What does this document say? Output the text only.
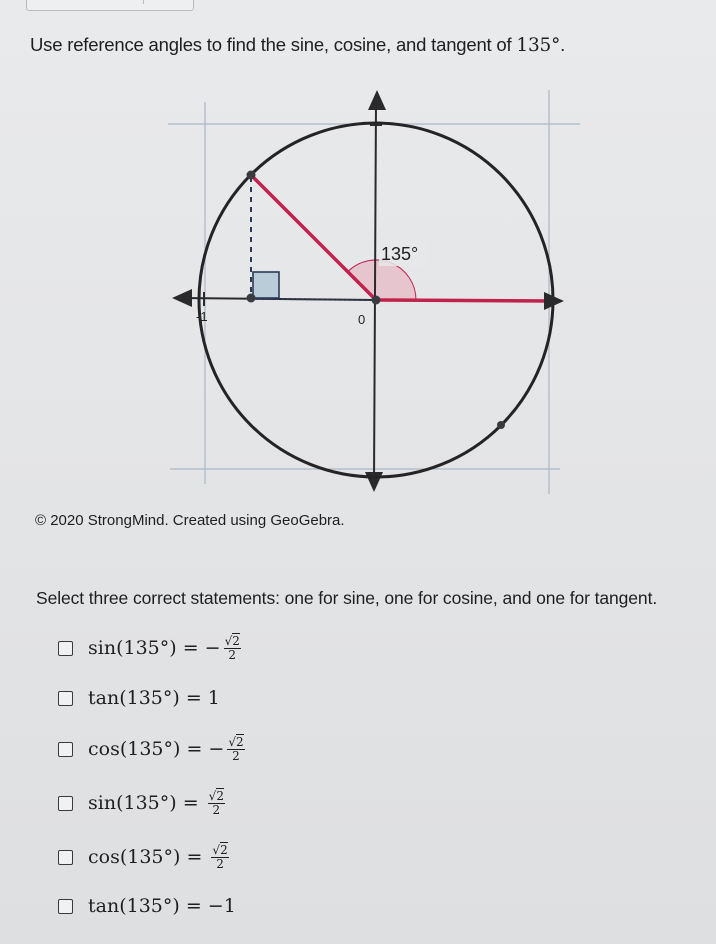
Use reference angles to find the sine, cosine, and tangent of 135°.
135°
0
-1
© 2020 StrongMind. Created using GeoGebra.
Select three correct statements: one for sine, one for cosine, and one for tangent.
sin(135°) = − $\frac{√2}{2}$
tan(135°) = 1
cos(135°) = − $\frac{√2}{2}$
$\sin(135^\circ) = \frac{√2}{2}$
$\cos(135^\circ) = \frac{√2}{2}$
tan(135°) = −1
